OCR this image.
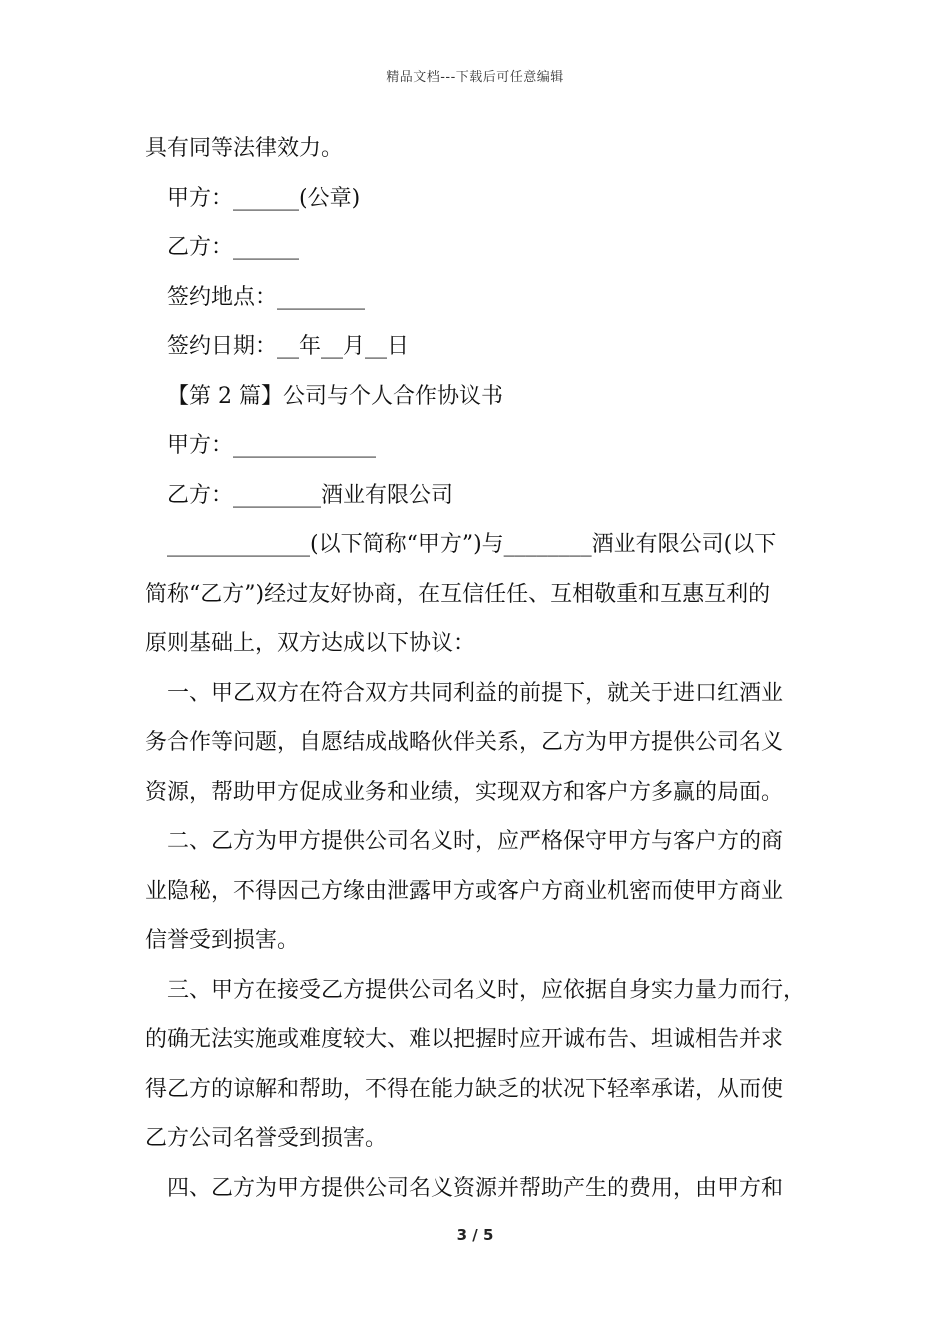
精品文档---下载后可任意编辑
具有同等法律效力。
甲方：______(公章)
乙方：______
签约地点：________
签约日期：__年__月__日
【第 2 篇】公司与个人合作协议书
甲方：_____________
乙方：________酒业有限公司
_____________(以下简称“甲方”)与________酒业有限公司(以下
简称“乙方”)经过友好协商，在互信任任、互相敬重和互惠互利的
原则基础上，双方达成以下协议：
一、甲乙双方在符合双方共同利益的前提下，就关于进口红酒业
务合作等问题，自愿结成战略伙伴关系，乙方为甲方提供公司名义
资源，帮助甲方促成业务和业绩，实现双方和客户方多赢的局面。
二、乙方为甲方提供公司名义时，应严格保守甲方与客户方的商
业隐秘，不得因己方缘由泄露甲方或客户方商业机密而使甲方商业
信誉受到损害。
三、甲方在接受乙方提供公司名义时，应依据自身实力量力而行，
的确无法实施或难度较大、难以把握时应开诚布告、坦诚相告并求
得乙方的谅解和帮助，不得在能力缺乏的状况下轻率承诺，从而使
乙方公司名誉受到损害。
四、乙方为甲方提供公司名义资源并帮助产生的费用，由甲方和
3 / 5
